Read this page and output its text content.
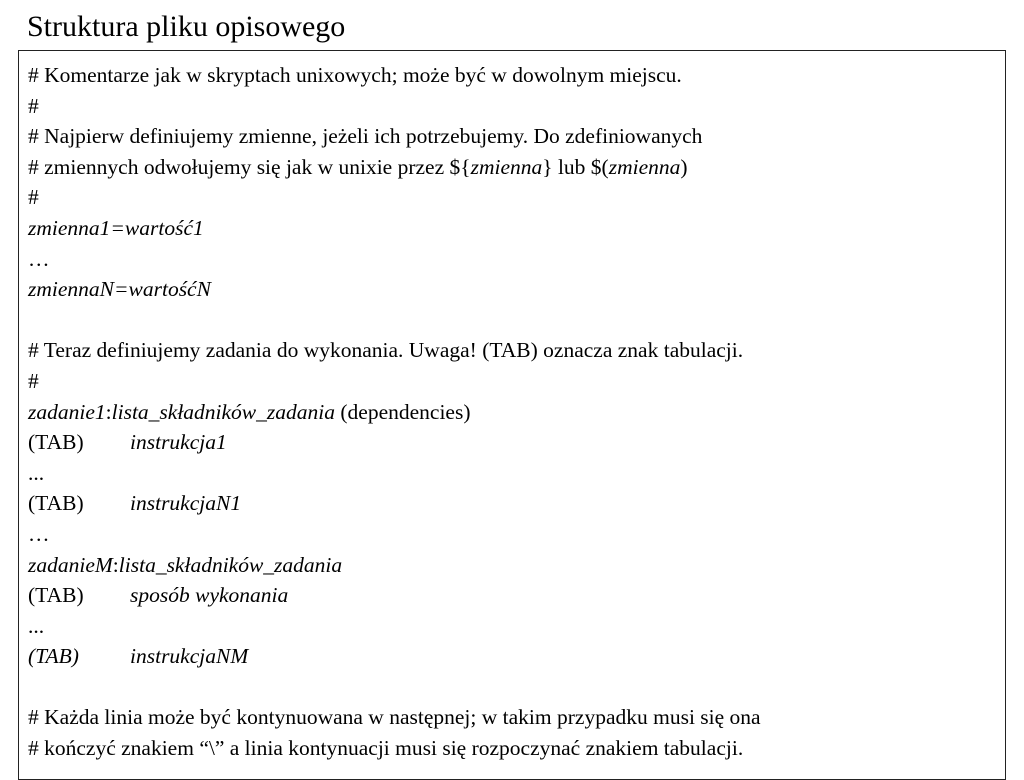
Struktura pliku opisowego
# Komentarze jak w skryptach unixowych; może być w dowolnym miejscu.
#
# Najpierw definiujemy zmienne, jeżeli ich potrzebujemy. Do zdefiniowanych
# zmiennych odwołujemy się jak w unixie przez ${zmienna} lub $(zmienna)
#
zmienna1=wartość1
…
zmiennaN=wartośćN
# Teraz definiujemy zadania do wykonania. Uwaga! (TAB) oznacza znak tabulacji.
#
zadanie1:lista_składników_zadania (dependencies)
(TAB) instrukcja1
...
(TAB) instrukcjaN1
…
zadanieM:lista_składników_zadania
(TAB) sposób wykonania
...
(TAB) instrukcjaNM
# Każda linia może być kontynuowana w następnej; w takim przypadku musi się ona
# kończyć znakiem “\” a linia kontynuacji musi się rozpoczynać znakiem tabulacji.
